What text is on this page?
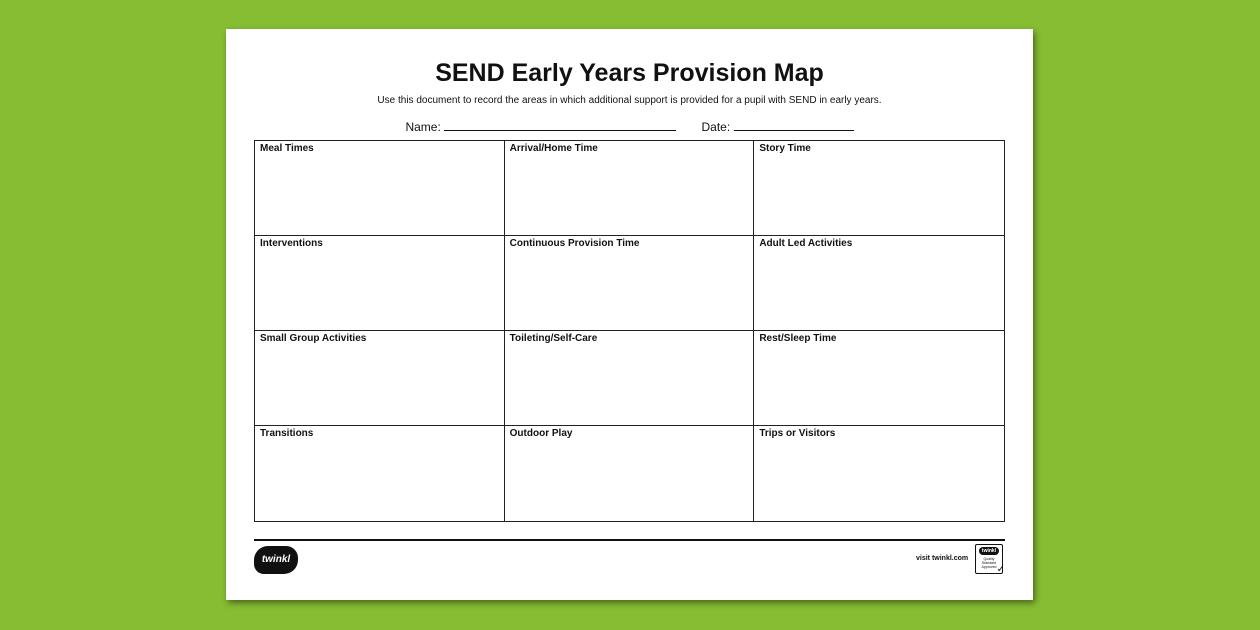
SEND Early Years Provision Map
Use this document to record the areas in which additional support is provided for a pupil with SEND in early years.
Name:	Date:
Meal Times	Arrival/Home Time	Story Time
Interventions	Continuous Provision Time	Adult Led Activities
Small Group Activities	Toileting/Self-Care	Rest/Sleep Time
Transitions	Outdoor Play	Trips or Visitors
twinkl	visit twinkl.com
twinkl
Quality Standard Approved ✓
